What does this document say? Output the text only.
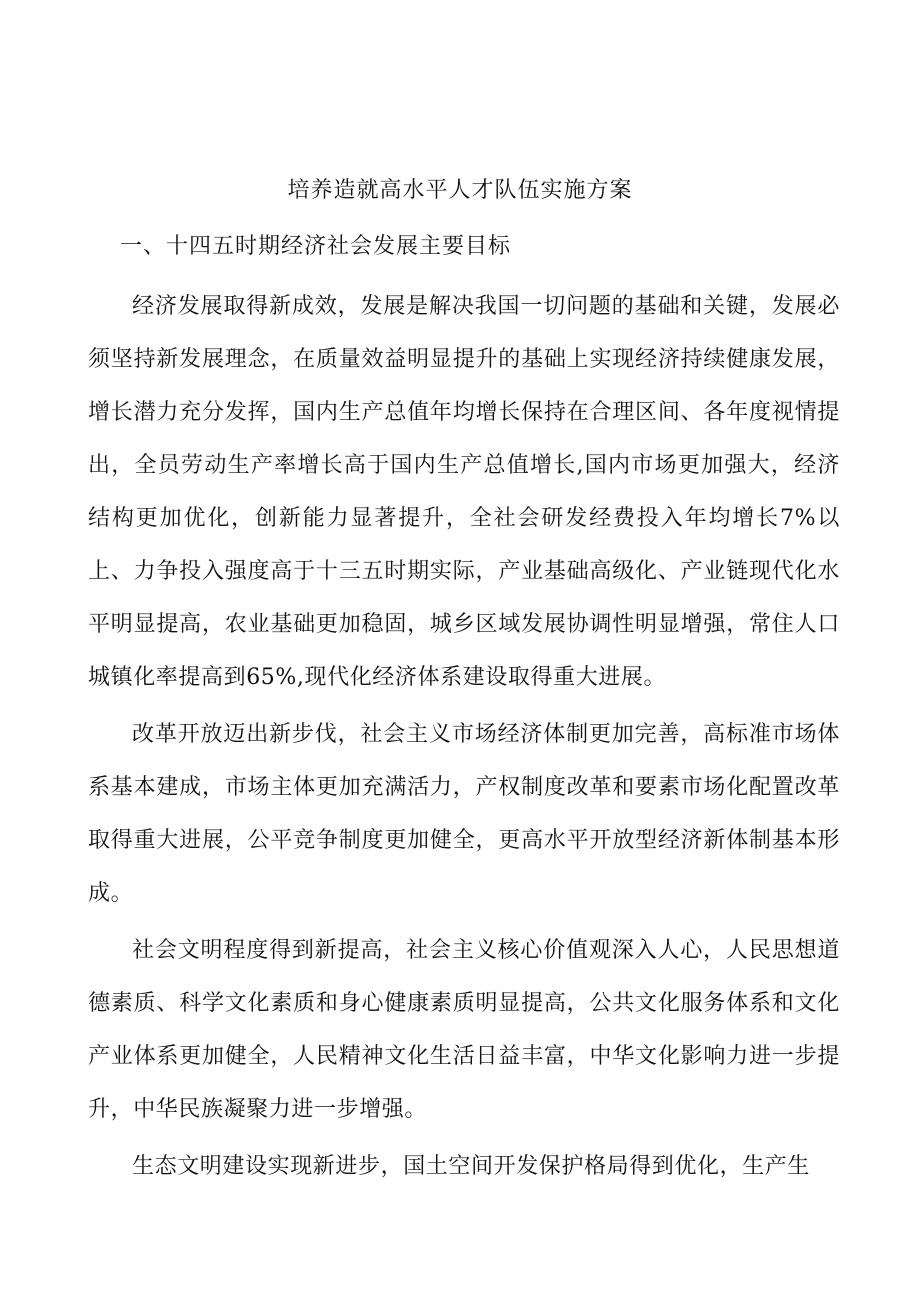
培养造就高水平人才队伍实施方案
一、十四五时期经济社会发展主要目标

经济发展取得新成效，发展是解决我国一切问题的基础和关键，发展必须坚持新发展理念，在质量效益明显提升的基础上实现经济持续健康发展，增长潜力充分发挥，国内生产总值年均增长保持在合理区间、各年度视情提出，全员劳动生产率增长高于国内生产总值增长,国内市场更加强大，经济结构更加优化，创新能力显著提升，全社会研发经费投入年均增长7%以上、力争投入强度高于十三五时期实际，产业基础高级化、产业链现代化水平明显提高，农业基础更加稳固，城乡区域发展协调性明显增强，常住人口城镇化率提高到65%,现代化经济体系建设取得重大进展。

改革开放迈出新步伐，社会主义市场经济体制更加完善，高标准市场体系基本建成，市场主体更加充满活力，产权制度改革和要素市场化配置改革取得重大进展，公平竞争制度更加健全，更高水平开放型经济新体制基本形成。

社会文明程度得到新提高，社会主义核心价值观深入人心，人民思想道德素质、科学文化素质和身心健康素质明显提高，公共文化服务体系和文化产业体系更加健全，人民精神文化生活日益丰富，中华文化影响力进一步提升，中华民族凝聚力进一步增强。

生态文明建设实现新进步，国土空间开发保护格局得到优化，生产生
